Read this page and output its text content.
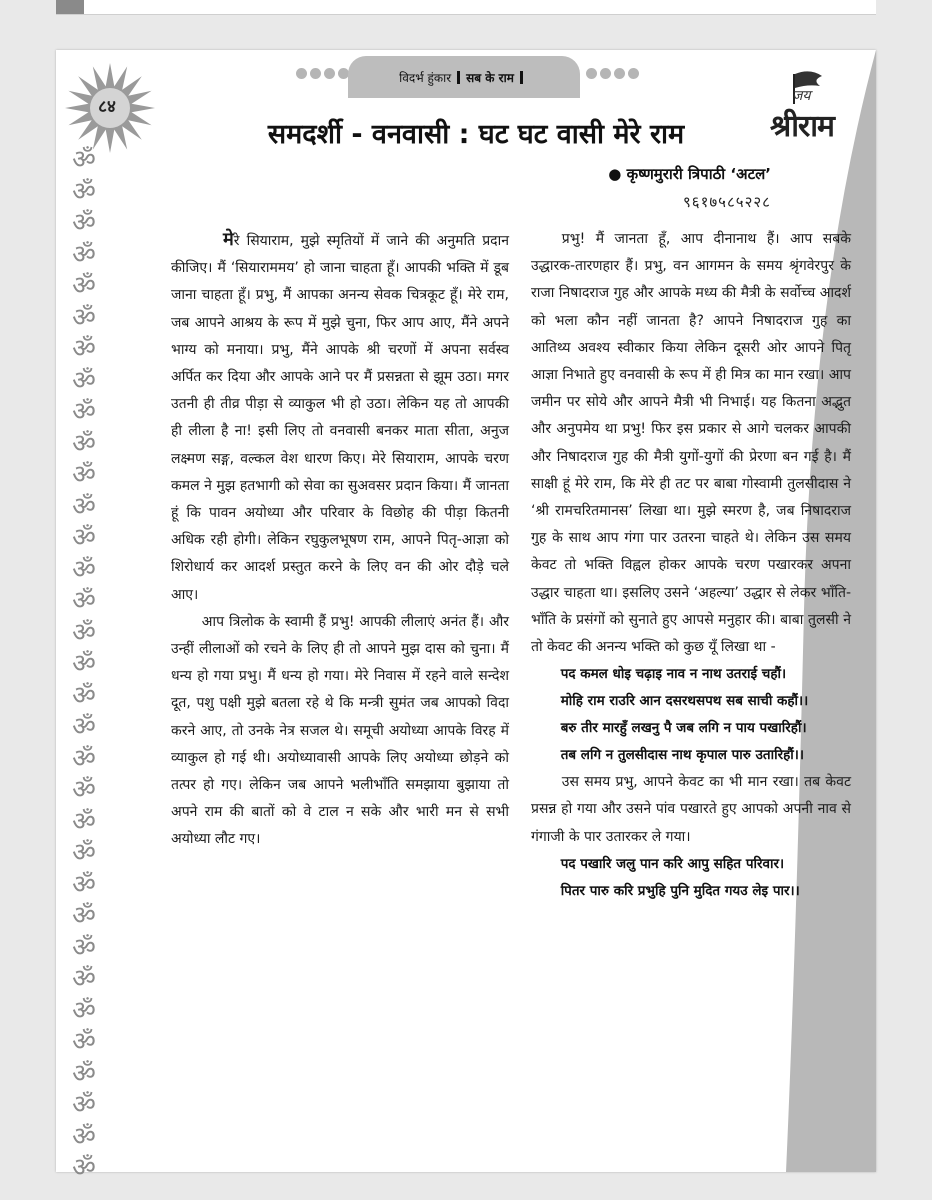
ॐ
ॐ
ॐ
ॐ
ॐ
ॐ
ॐ
ॐ
ॐ
ॐ
ॐ
ॐ
ॐ
ॐ
ॐ
ॐ
ॐ
ॐ
ॐ
ॐ
ॐ
ॐ
ॐ
ॐ
ॐ
ॐ
ॐ
ॐ
ॐ
ॐ
ॐ
ॐ
ॐ

८४
विदर्भ हुंकार सब के राम
जय
श्रीराम
समदर्शी - वनवासी : घट घट वासी मेरे राम
● कृष्णमुरारी त्रिपाठी ‘अटल’
९६१७५८५२२८

मेरे सियाराम, मुझे स्मृतियों में जाने की अनुमति प्रदान कीजिए। मैं ‘सियाराममय’ हो जाना चाहता हूँ। आपकी भक्ति में डूब जाना चाहता हूँ। प्रभु, मैं आपका अनन्य सेवक चित्रकूट हूँ। मेरे राम, जब आपने आश्रय के रूप में मुझे चुना, फिर आप आए, मैंने अपने भाग्य को मनाया। प्रभु, मैंने आपके श्री चरणों में अपना सर्वस्व अर्पित कर दिया और आपके आने पर मैं प्रसन्नता से झूम उठा। मगर उतनी ही तीव्र पीड़ा से व्याकुल भी हो उठा। लेकिन यह तो आपकी ही लीला है ना! इसी लिए तो वनवासी बनकर माता सीता, अनुज लक्ष्मण सङ्ग, वल्कल वेश धारण किए। मेरे सियाराम, आपके चरण कमल ने मुझ हतभागी को सेवा का सुअवसर प्रदान किया। मैं जानता हूं कि पावन अयोध्या और परिवार के विछोह की पीड़ा कितनी अधिक रही होगी। लेकिन रघुकुलभूषण राम, आपने पितृ-आज्ञा को शिरोधार्य कर आदर्श प्रस्तुत करने के लिए वन की ओर दौड़े चले आए।

आप त्रिलोक के स्वामी हैं प्रभु! आपकी लीलाएं अनंत हैं। और उन्हीं लीलाओं को रचने के लिए ही तो आपने मुझ दास को चुना। मैं धन्य हो गया प्रभु। मैं धन्य हो गया। मेरे निवास में रहने वाले सन्देश दूत, पशु पक्षी मुझे बतला रहे थे कि मन्त्री सुमंत जब आपको विदा करने आए, तो उनके नेत्र सजल थे। समूची अयोध्या आपके विरह में व्याकुल हो गई थी। अयोध्यावासी आपके लिए अयोध्या छोड़ने को तत्पर हो गए। लेकिन जब आपने भलीभाँति समझाया बुझाया तो अपने राम की बातों को वे टाल न सके और भारी मन से सभी अयोध्या लौट गए।

प्रभु! मैं जानता हूँ, आप दीनानाथ हैं। आप सबके उद्धारक-तारणहार हैं। प्रभु, वन आगमन के समय श्रृंगवेरपुर के राजा निषादराज गुह और आपके मध्य की मैत्री के सर्वोच्च आदर्श को भला कौन नहीं जानता है? आपने निषादराज गुह का आतिथ्य अवश्य स्वीकार किया लेकिन दूसरी ओर आपने पितृ आज्ञा निभाते हुए वनवासी के रूप में ही मित्र का मान रखा। आप जमीन पर सोये और आपने मैत्री भी निभाई। यह कितना अद्भुत और अनुपमेय था प्रभु! फिर इस प्रकार से आगे चलकर आपकी और निषादराज गुह की मैत्री युगों-युगों की प्रेरणा बन गई है। मैं साक्षी हूं मेरे राम, कि मेरे ही तट पर बाबा गोस्वामी तुलसीदास ने ‘श्री रामचरितमानस’ लिखा था। मुझे स्मरण है, जब निषादराज गुह के साथ आप गंगा पार उतरना चाहते थे। लेकिन उस समय केवट तो भक्ति विह्वल होकर आपके चरण पखारकर अपना उद्धार चाहता था। इसलिए उसने ‘अहल्या’ उद्धार से लेकर भाँति-भाँति के प्रसंगों को सुनाते हुए आपसे मनुहार की। बाबा तुलसी ने तो केवट की अनन्य भक्ति को कुछ यूँ लिखा था -

पद कमल धोइ चढ़ाइ नाव न नाथ उतराई चहौं।

मोहि राम राउरि आन दसरथसपथ सब साची कहौं।।

बरु तीर मारहुँ लखनु पै जब लगि न पाय पखारिहौं।

तब लगि न तुलसीदास नाथ कृपाल पारु उतारिहौं।।

उस समय प्रभु, आपने केवट का भी मान रखा। तब केवट प्रसन्न हो गया और उसने पांव पखारते हुए आपको अपनी नाव से गंगाजी के पार उतारकर ले गया।

पद पखारि जलु पान करि आपु सहित परिवार।

पितर पारु करि प्रभुहि पुनि मुदित गयउ लेइ पार।।
